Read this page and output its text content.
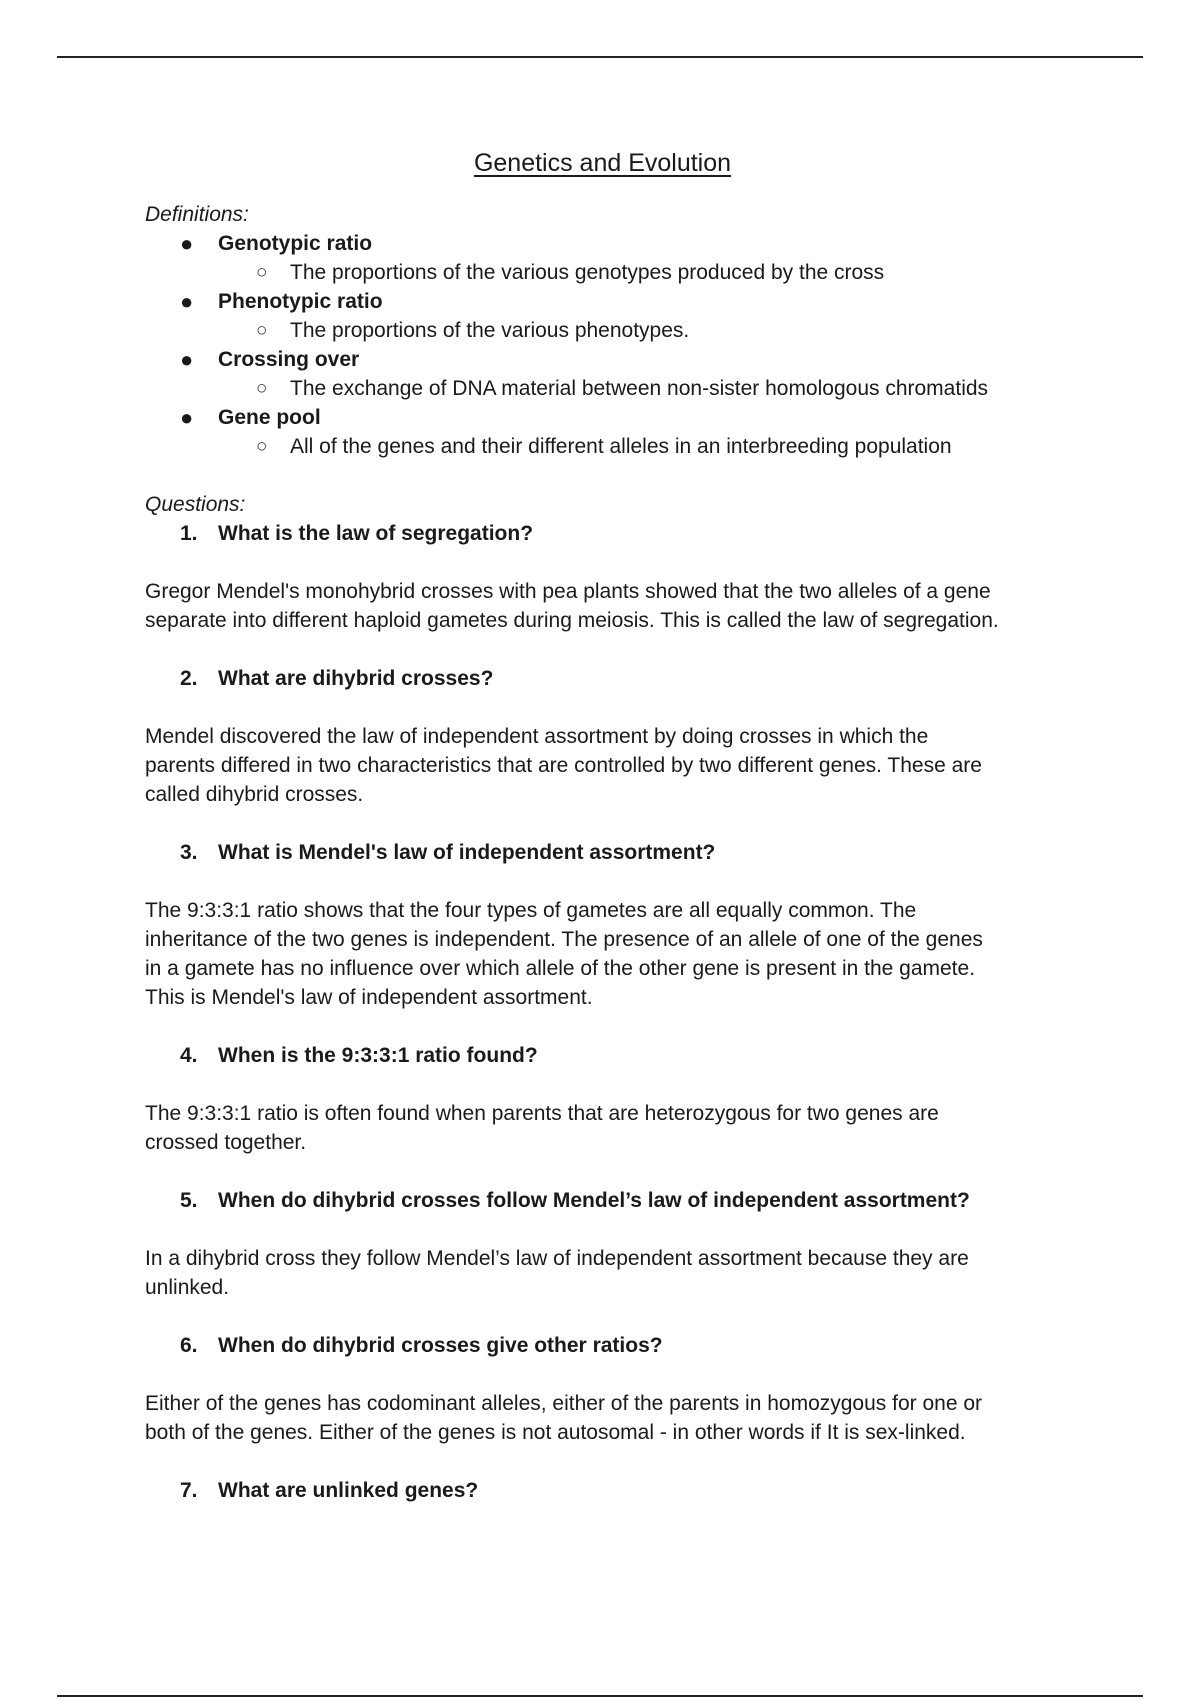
Genetics and Evolution

Definitions:

● Genotypic ratio
○ The proportions of the various genotypes produced by the cross
● Phenotypic ratio
○ The proportions of the various phenotypes.
● Crossing over
○ The exchange of DNA material between non-sister homologous chromatids
● Gene pool
○ All of the genes and their different alleles in an interbreeding population

Questions:

1. What is the law of segregation?

Gregor Mendel's monohybrid crosses with pea plants showed that the two alleles of a gene

separate into different haploid gametes during meiosis. This is called the law of segregation.

2. What are dihybrid crosses?

Mendel discovered the law of independent assortment by doing crosses in which the

parents differed in two characteristics that are controlled by two different genes. These are

called dihybrid crosses.

3. What is Mendel's law of independent assortment?

The 9:3:3:1 ratio shows that the four types of gametes are all equally common. The

inheritance of the two genes is independent. The presence of an allele of one of the genes

in a gamete has no influence over which allele of the other gene is present in the gamete.

This is Mendel's law of independent assortment.

4. When is the 9:3:3:1 ratio found?

The 9:3:3:1 ratio is often found when parents that are heterozygous for two genes are

crossed together.

5. When do dihybrid crosses follow Mendel’s law of independent assortment?

In a dihybrid cross they follow Mendel’s law of independent assortment because they are

unlinked.

6. When do dihybrid crosses give other ratios?

Either of the genes has codominant alleles, either of the parents in homozygous for one or

both of the genes. Either of the genes is not autosomal - in other words if It is sex-linked.

7. What are unlinked genes?
